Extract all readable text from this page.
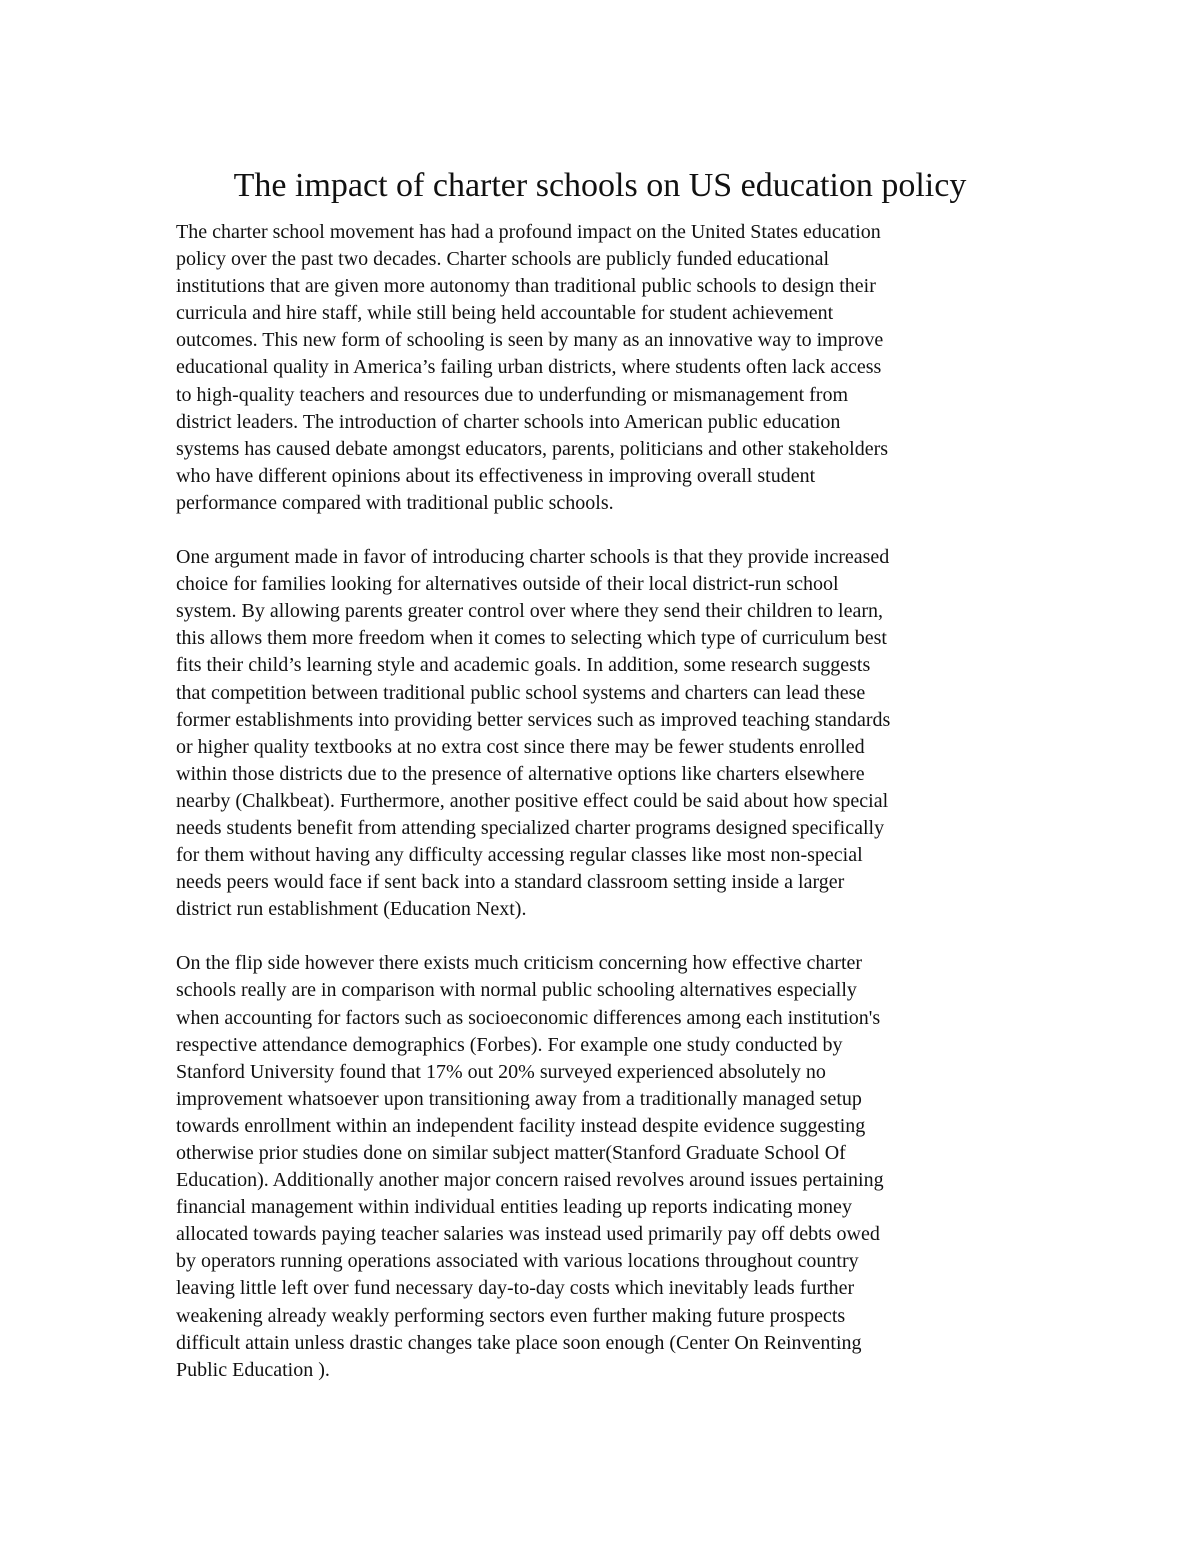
The impact of charter schools on US education policy

The charter school movement has had a profound impact on the United States education
policy over the past two decades. Charter schools are publicly funded educational
institutions that are given more autonomy than traditional public schools to design their
curricula and hire staff, while still being held accountable for student achievement
outcomes. This new form of schooling is seen by many as an innovative way to improve
educational quality in America’s failing urban districts, where students often lack access
to high-quality teachers and resources due to underfunding or mismanagement from
district leaders. The introduction of charter schools into American public education
systems has caused debate amongst educators, parents, politicians and other stakeholders
who have different opinions about its effectiveness in improving overall student
performance compared with traditional public schools.

One argument made in favor of introducing charter schools is that they provide increased
choice for families looking for alternatives outside of their local district-run school
system. By allowing parents greater control over where they send their children to learn,
this allows them more freedom when it comes to selecting which type of curriculum best
fits their child’s learning style and academic goals. In addition, some research suggests
that competition between traditional public school systems and charters can lead these
former establishments into providing better services such as improved teaching standards
or higher quality textbooks at no extra cost since there may be fewer students enrolled
within those districts due to the presence of alternative options like charters elsewhere
nearby (Chalkbeat). Furthermore, another positive effect could be said about how special
needs students benefit from attending specialized charter programs designed specifically
for them without having any difficulty accessing regular classes like most non-special
needs peers would face if sent back into a standard classroom setting inside a larger
district run establishment (Education Next).

On the flip side however there exists much criticism concerning how effective charter
schools really are in comparison with normal public schooling alternatives especially
when accounting for factors such as socioeconomic differences among each institution's
respective attendance demographics (Forbes). For example one study conducted by
Stanford University found that 17% out 20% surveyed experienced absolutely no
improvement whatsoever upon transitioning away from a traditionally managed setup
towards enrollment within an independent facility instead despite evidence suggesting
otherwise prior studies done on similar subject matter(Stanford Graduate School Of
Education). Additionally another major concern raised revolves around issues pertaining
financial management within individual entities leading up reports indicating money
allocated towards paying teacher salaries was instead used primarily pay off debts owed
by operators running operations associated with various locations throughout country
leaving little left over fund necessary day-to-day costs which inevitably leads further
weakening already weakly performing sectors even further making future prospects
difficult attain unless drastic changes take place soon enough (Center On Reinventing
Public Education ).
